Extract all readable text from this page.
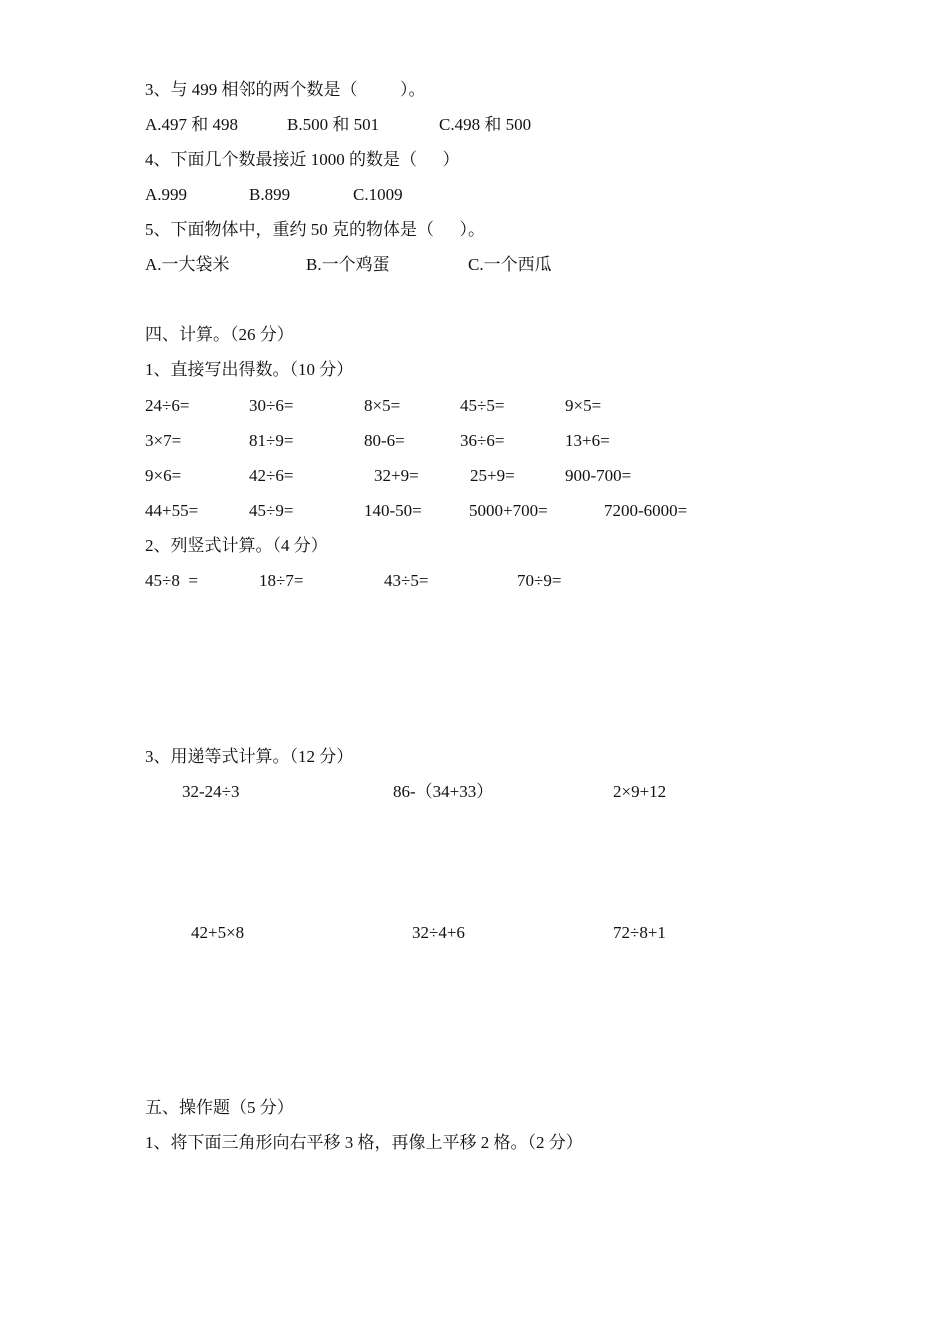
3、与 499 相邻的两个数是（          ）。
A.497 和 498	B.500 和 501	C.498 和 500
4、下面几个数最接近 1000 的数是（      ）
A.999	B.899	C.1009
5、下面物体中，重约 50 克的物体是（      ）。
A.一大袋米	B.一个鸡蛋	C.一个西瓜
四、计算。（26 分）
1、直接写出得数。（10 分）
24÷6=	30÷6=	8×5=	45÷5=	9×5=
3×7=	81÷9=	80-6=	36÷6=	13+6=
9×6=	42÷6=	32+9=	25+9=	900-700=
44+55=	45÷9=	140-50=	5000+700=	7200-6000=
2、列竖式计算。（4 分）
45÷8  =	18÷7=	43÷5=	70÷9=
3、用递等式计算。（12 分）
32-24÷3	86-（34+33）	2×9+12
42+5×8	32÷4+6	72÷8+1
五、操作题（5 分）
1、将下面三角形向右平移 3 格，再像上平移 2 格。（2 分）
